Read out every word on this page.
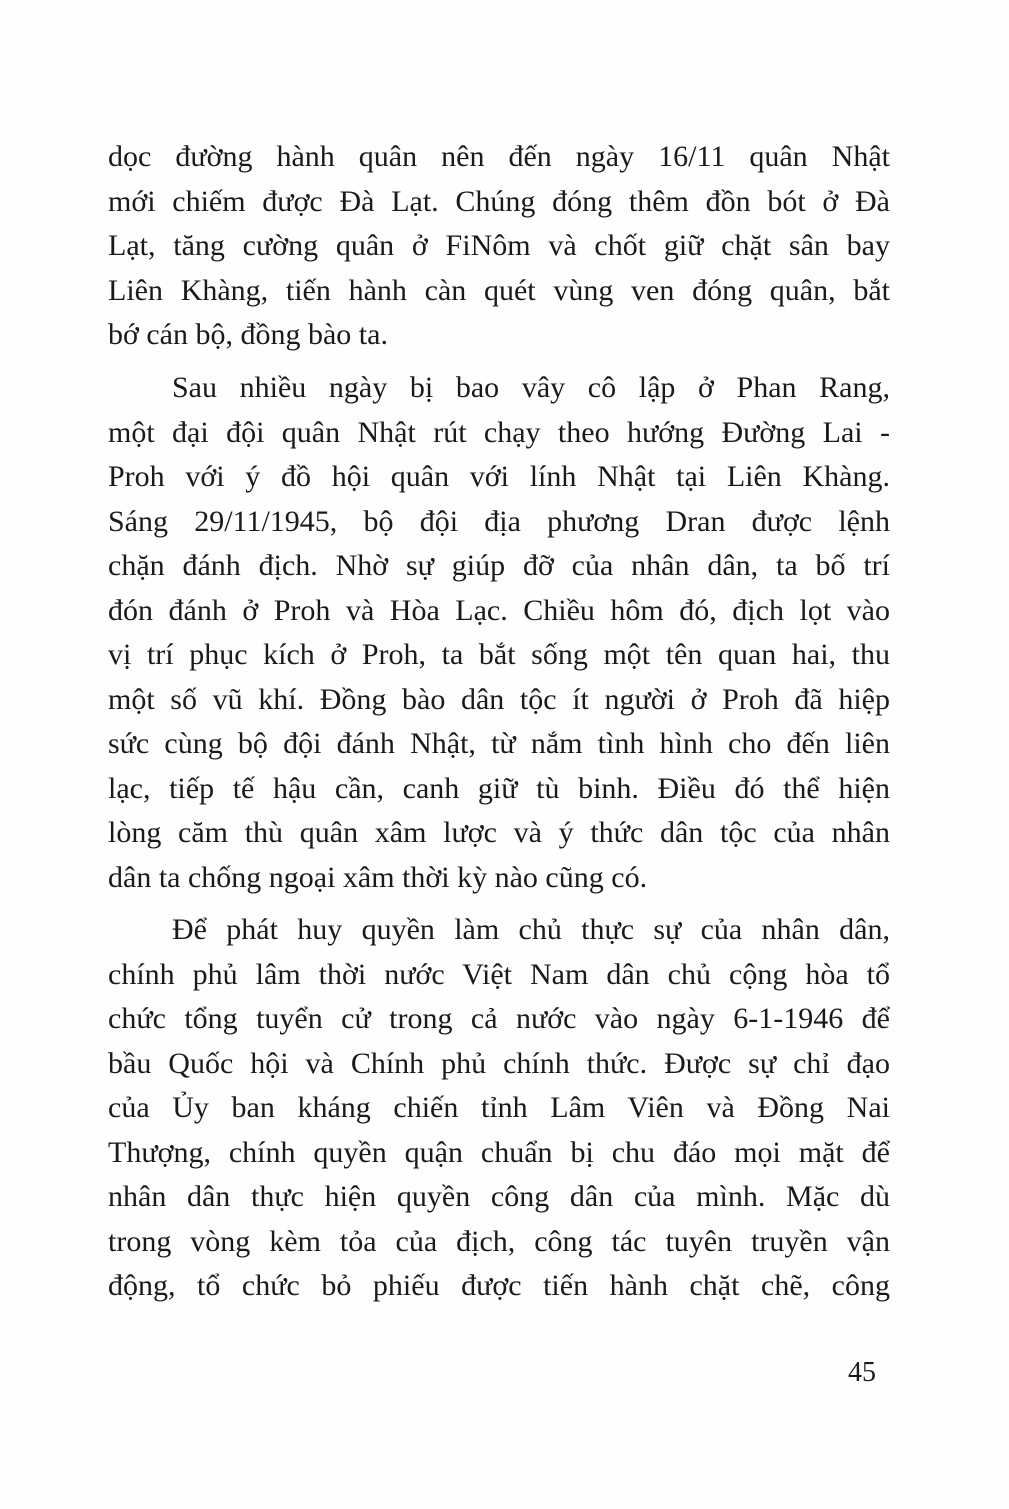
dọc đường hành quân nên đến ngày 16/11 quân Nhật
mới chiếm được Đà Lạt. Chúng đóng thêm đồn bót ở Đà
Lạt, tăng cường quân ở FiNôm và chốt giữ chặt sân bay
Liên Khàng, tiến hành càn quét vùng ven đóng quân, bắt
bớ cán bộ, đồng bào ta.
Sau nhiều ngày bị bao vây cô lập ở Phan Rang,
một đại đội quân Nhật rút chạy theo hướng Đường Lai -
Proh với ý đồ hội quân với lính Nhật tại Liên Khàng.
Sáng 29/11/1945, bộ đội địa phương Dran được lệnh
chặn đánh địch. Nhờ sự giúp đỡ của nhân dân, ta bố trí
đón đánh ở Proh và Hòa Lạc. Chiều hôm đó, địch lọt vào
vị trí phục kích ở Proh, ta bắt sống một tên quan hai, thu
một số vũ khí. Đồng bào dân tộc ít người ở Proh đã hiệp
sức cùng bộ đội đánh Nhật, từ nắm tình hình cho đến liên
lạc, tiếp tế hậu cần, canh giữ tù binh. Điều đó thể hiện
lòng căm thù quân xâm lược và ý thức dân tộc của nhân
dân ta chống ngoại xâm thời kỳ nào cũng có.
Để phát huy quyền làm chủ thực sự của nhân dân,
chính phủ lâm thời nước Việt Nam dân chủ cộng hòa tổ
chức tổng tuyển cử trong cả nước vào ngày 6-1-1946 để
bầu Quốc hội và Chính phủ chính thức. Được sự chỉ đạo
của Ủy ban kháng chiến tỉnh Lâm Viên và Đồng Nai
Thượng, chính quyền quận chuẩn bị chu đáo mọi mặt để
nhân dân thực hiện quyền công dân của mình. Mặc dù
trong vòng kèm tỏa của địch, công tác tuyên truyền vận
động, tổ chức bỏ phiếu được tiến hành chặt chẽ, công
45
